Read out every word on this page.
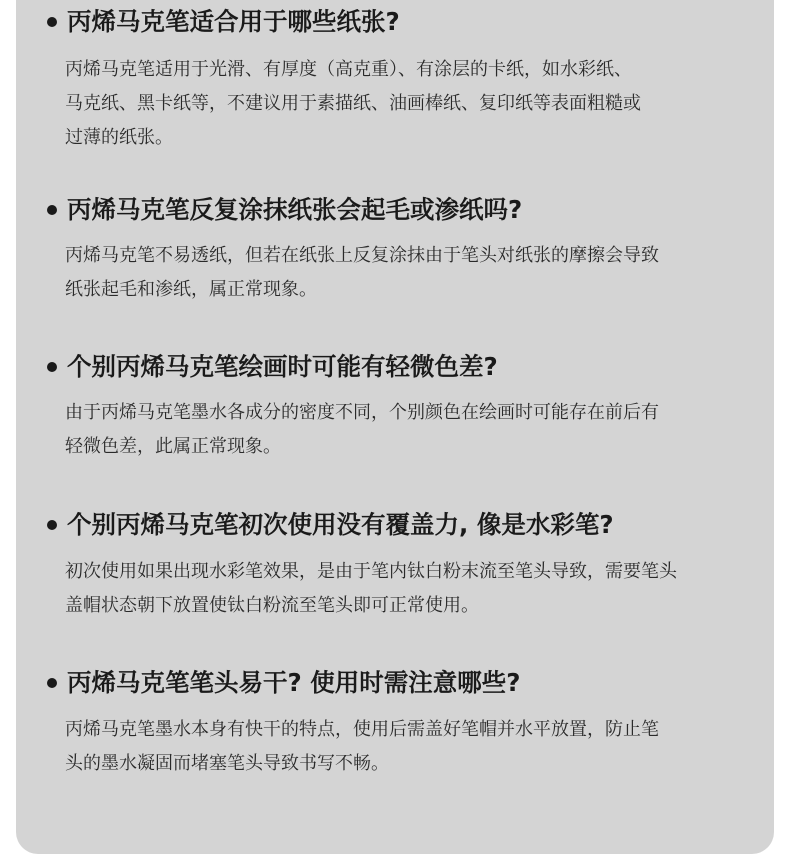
丙烯马克笔适合用于哪些纸张?
丙烯马克笔适用于光滑、有厚度（高克重）、有涂层的卡纸，如水彩纸、
马克纸、黑卡纸等，不建议用于素描纸、油画棒纸、复印纸等表面粗糙或
过薄的纸张。
丙烯马克笔反复涂抹纸张会起毛或渗纸吗?
丙烯马克笔不易透纸，但若在纸张上反复涂抹由于笔头对纸张的摩擦会导致
纸张起毛和渗纸，属正常现象。
个别丙烯马克笔绘画时可能有轻微色差?
由于丙烯马克笔墨水各成分的密度不同，个别颜色在绘画时可能存在前后有
轻微色差，此属正常现象。
个别丙烯马克笔初次使用没有覆盖力, 像是水彩笔?
初次使用如果出现水彩笔效果，是由于笔内钛白粉末流至笔头导致，需要笔头
盖帽状态朝下放置使钛白粉流至笔头即可正常使用。
丙烯马克笔笔头易干? 使用时需注意哪些?
丙烯马克笔墨水本身有快干的特点，使用后需盖好笔帽并水平放置，防止笔
头的墨水凝固而堵塞笔头导致书写不畅。
